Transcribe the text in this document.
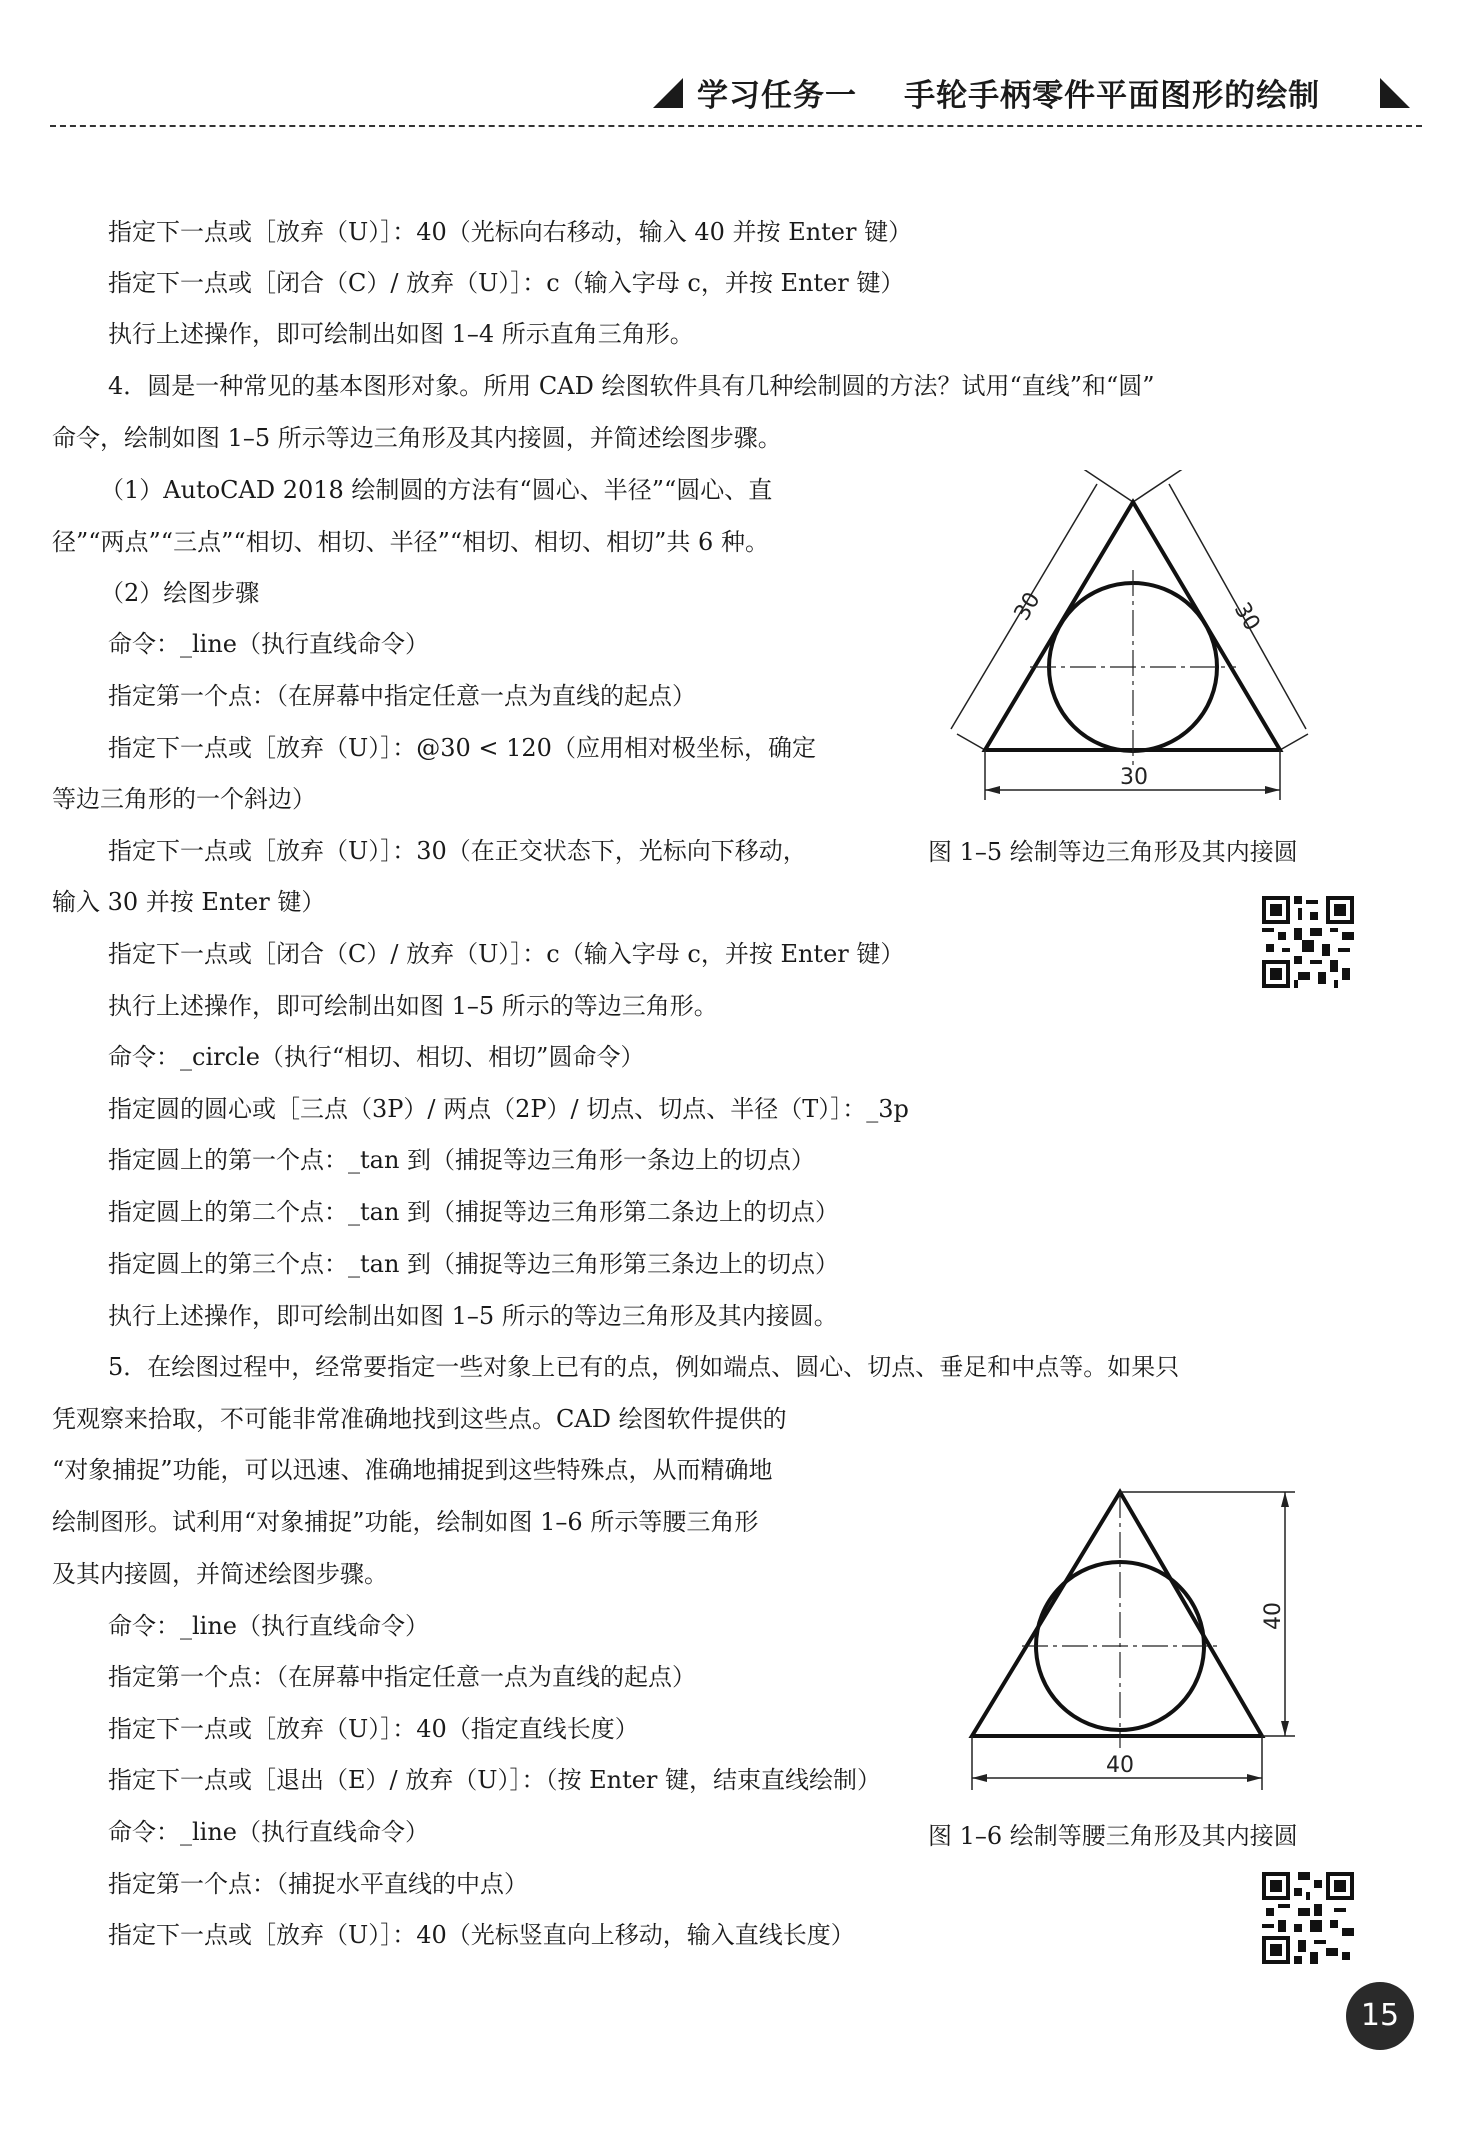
学习任务一    手轮手柄零件平面图形的绘制
指定下一点或［放弃（U）］：40（光标向右移动，输入 40 并按 Enter 键）
指定下一点或［闭合（C）/ 放弃（U）］：c（输入字母 c，并按 Enter 键）
执行上述操作，即可绘制出如图 1–4 所示直角三角形。
4．圆是一种常见的基本图形对象。所用 CAD 绘图软件具有几种绘制圆的方法？试用“直线”和“圆”
命令，绘制如图 1–5 所示等边三角形及其内接圆，并简述绘图步骤。
（1）AutoCAD 2018 绘制圆的方法有“圆心、半径”“圆心、直
径”“两点”“三点”“相切、相切、半径”“相切、相切、相切”共 6 种。
（2）绘图步骤
命令：_line（执行直线命令）
指定第一个点：（在屏幕中指定任意一点为直线的起点）
指定下一点或［放弃（U）］：@30 < 120（应用相对极坐标，确定
等边三角形的一个斜边）
指定下一点或［放弃（U）］：30（在正交状态下，光标向下移动，
输入 30 并按 Enter 键）
指定下一点或［闭合（C）/ 放弃（U）］：c（输入字母 c，并按 Enter 键）
执行上述操作，即可绘制出如图 1–5 所示的等边三角形。
命令：_circle（执行“相切、相切、相切”圆命令）
指定圆的圆心或［三点（3P）/ 两点（2P）/ 切点、切点、半径（T）］：_3p
指定圆上的第一个点：_tan 到（捕捉等边三角形一条边上的切点）
指定圆上的第二个点：_tan 到（捕捉等边三角形第二条边上的切点）
指定圆上的第三个点：_tan 到（捕捉等边三角形第三条边上的切点）
执行上述操作，即可绘制出如图 1–5 所示的等边三角形及其内接圆。
5．在绘图过程中，经常要指定一些对象上已有的点，例如端点、圆心、切点、垂足和中点等。如果只
凭观察来拾取，不可能非常准确地找到这些点。CAD 绘图软件提供的
“对象捕捉”功能，可以迅速、准确地捕捉到这些特殊点，从而精确地
绘制图形。试利用“对象捕捉”功能，绘制如图 1–6 所示等腰三角形
及其内接圆，并简述绘图步骤。
命令：_line（执行直线命令）
指定第一个点：（在屏幕中指定任意一点为直线的起点）
指定下一点或［放弃（U）］：40（指定直线长度）
指定下一点或［退出（E）/ 放弃（U）］：（按 Enter 键，结束直线绘制）
命令：_line（执行直线命令）
指定第一个点：（捕捉水平直线的中点）
指定下一点或［放弃（U）］：40（光标竖直向上移动，输入直线长度）
30	30
30
图 1–5 绘制等边三角形及其内接圆
40
40
图 1–6 绘制等腰三角形及其内接圆
15
